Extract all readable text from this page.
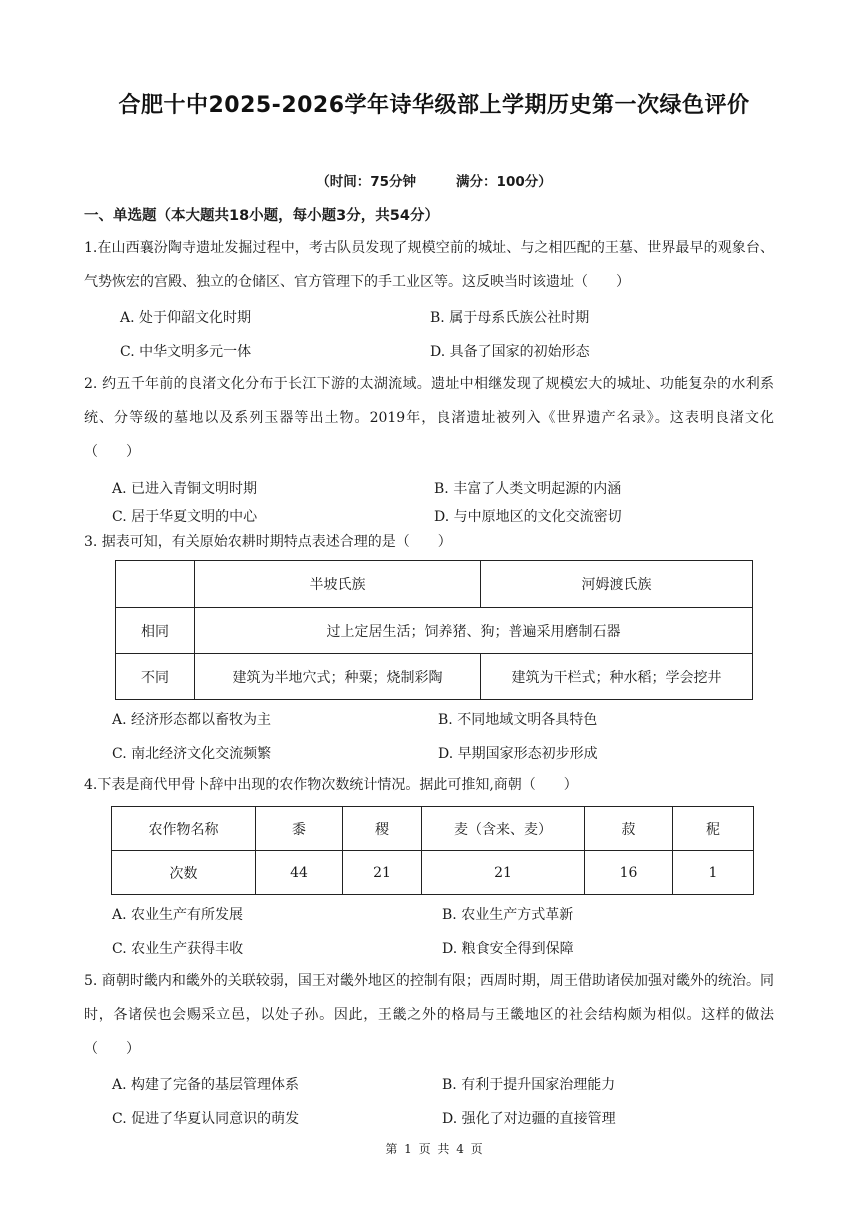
合肥十中2025-2026学年诗华级部上学期历史第一次绿色评价
（时间：75分钟	满分：100分）
一、单选题（本大题共18小题，每小题3分，共54分）
1.在山西襄汾陶寺遗址发掘过程中，考古队员发现了规模空前的城址、与之相匹配的王墓、世界最早的观象台、气势恢宏的宫殿、独立的仓储区、官方管理下的手工业区等。这反映当时该遗址（　　）
A. 处于仰韶文化时期	B. 属于母系氏族公社时期
C. 中华文明多元一体	D. 具备了国家的初始形态
2. 约五千年前的良渚文化分布于长江下游的太湖流域。遗址中相继发现了规模宏大的城址、功能复杂的水利系统、分等级的墓地以及系列玉器等出土物。2019年，良渚遗址被列入《世界遗产名录》。这表明良渚文化（　　）
A. 已进入青铜文明时期	B. 丰富了人类文明起源的内涵
C. 居于华夏文明的中心	D. 与中原地区的文化交流密切
3. 据表可知，有关原始农耕时期特点表述合理的是（　　）
	半坡氏族	河姆渡氏族
相同	过上定居生活；饲养猪、狗；普遍采用磨制石器	
不同	建筑为半地穴式；种粟；烧制彩陶	建筑为干栏式；种水稻；学会挖井
A. 经济形态都以畜牧为主	B. 不同地域文明各具特色
C. 南北经济文化交流频繁	D. 早期国家形态初步形成
4.下表是商代甲骨卜辞中出现的农作物次数统计情况。据此可推知,商朝（　　）
农作物名称	黍	稷	麦（含来、麦）	菽	秜
次数	44	21	21	16	1
A. 农业生产有所发展	B. 农业生产方式革新
C. 农业生产获得丰收	D. 粮食安全得到保障
5. 商朝时畿内和畿外的关联较弱，国王对畿外地区的控制有限；西周时期，周王借助诸侯加强对畿外的统治。同时，各诸侯也会赐采立邑，以处子孙。因此，王畿之外的格局与王畿地区的社会结构颇为相似。这样的做法（　　）
A. 构建了完备的基层管理体系	B. 有利于提升国家治理能力
C. 促进了华夏认同意识的萌发	D. 强化了对边疆的直接管理
第 1 页 共 4 页
